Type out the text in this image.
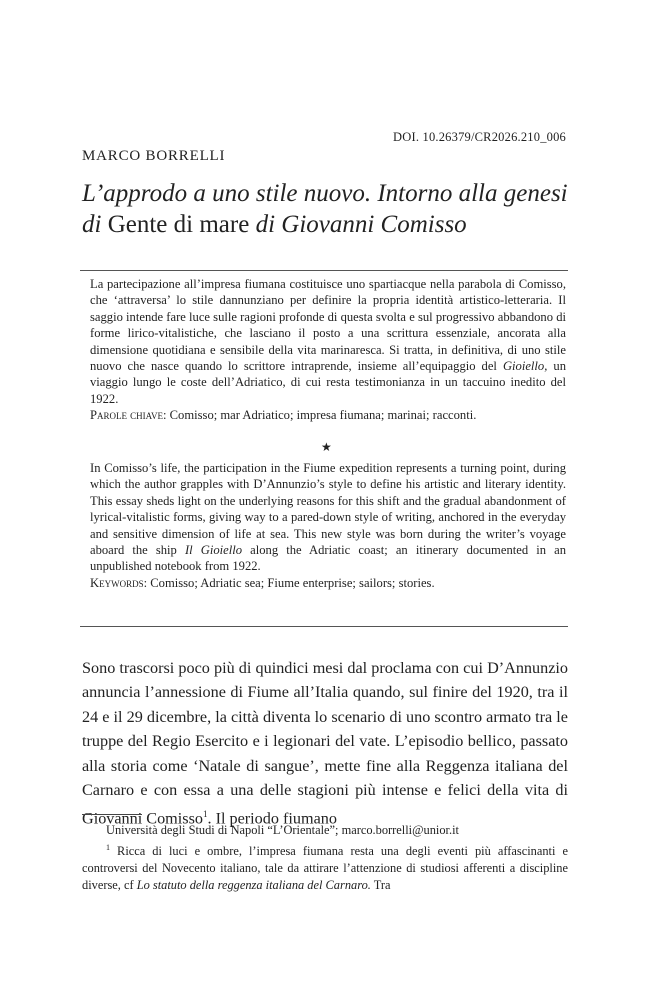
DOI. 10.26379/CR2026.210_006
MARCO BORRELLI
L’approdo a uno stile nuovo. Intorno alla genesi
di Gente di mare di Giovanni Comisso
La partecipazione all’impresa fiumana costituisce uno spartiacque nella parabola di Comisso, che ‘attraversa’ lo stile dannunziano per definire la propria identità artistico-letteraria. Il saggio intende fare luce sulle ragioni profonde di questa svolta e sul progressivo abbandono di forme lirico-vitalistiche, che lasciano il posto a una scrittura essenziale, ancorata alla dimensione quotidiana e sensibile della vita marinaresca. Si tratta, in definitiva, di uno stile nuovo che nasce quando lo scrittore intraprende, insieme all’equipaggio del Gioiello, un viaggio lungo le coste dell’Adriatico, di cui resta testimonianza in un taccuino inedito del 1922.
Parole chiave: Comisso; mar Adriatico; impresa fiumana; marinai; racconti.
★
In Comisso’s life, the participation in the Fiume expedition represents a turning point, during which the author grapples with D’Annunzio’s style to define his artistic and literary identity. This essay sheds light on the underlying reasons for this shift and the gradual abandonment of lyrical-vitalistic forms, giving way to a pared-down style of writing, anchored in the everyday and sensitive dimension of life at sea. This new style was born during the writer’s voyage aboard the ship Il Gioiello along the Adriatic coast; an itinerary documented in an unpublished notebook from 1922.
Keywords: Comisso; Adriatic sea; Fiume enterprise; sailors; stories.
Sono trascorsi poco più di quindici mesi dal proclama con cui D’Annunzio annuncia l’annessione di Fiume all’Italia quando, sul finire del 1920, tra il 24 e il 29 dicembre, la città diventa lo scenario di uno scontro armato tra le truppe del Regio Esercito e i legionari del vate. L’episodio bellico, passato alla storia come ‘Natale di sangue’, mette fine alla Reggenza italiana del Carnaro e con essa a una delle stagioni più intense e felici della vita di Giovanni Comisso$^1$. Il periodo fiumano

Università degli Studi di Napoli “L’Orientale”; marco.borrelli@unior.it

$^1$ Ricca di luci e ombre, l’impresa fiumana resta una degli eventi più affascinanti e controversi del Novecento italiano, tale da attirare l’attenzione di studiosi afferenti a discipline diverse, cf Lo statuto della reggenza italiana del Carnaro. Tra
